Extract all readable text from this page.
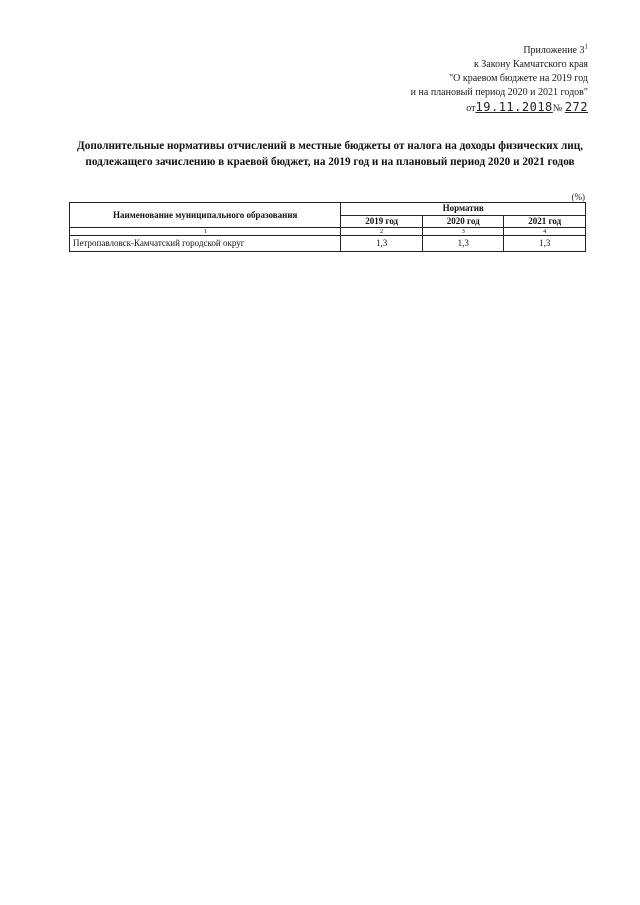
Приложение $3^1$
к Закону Камчатского края
"О краевом бюджете на 2019 год
и на плановый период 2020 и 2021 годов"
от19.11.2018№ 272
Дополнительные нормативы отчислений в местные бюджеты от налога на доходы физических лиц, подлежащего зачислению в краевой бюджет, на 2019 год и на плановый период 2020 и 2021 годов
(%)
Наименование муниципального образования	Норматив		
	2019 год	2020 год	2021 год
1	2	3	4
Петропавловск-Камчатский городской округ	1,3	1,3	1,3
